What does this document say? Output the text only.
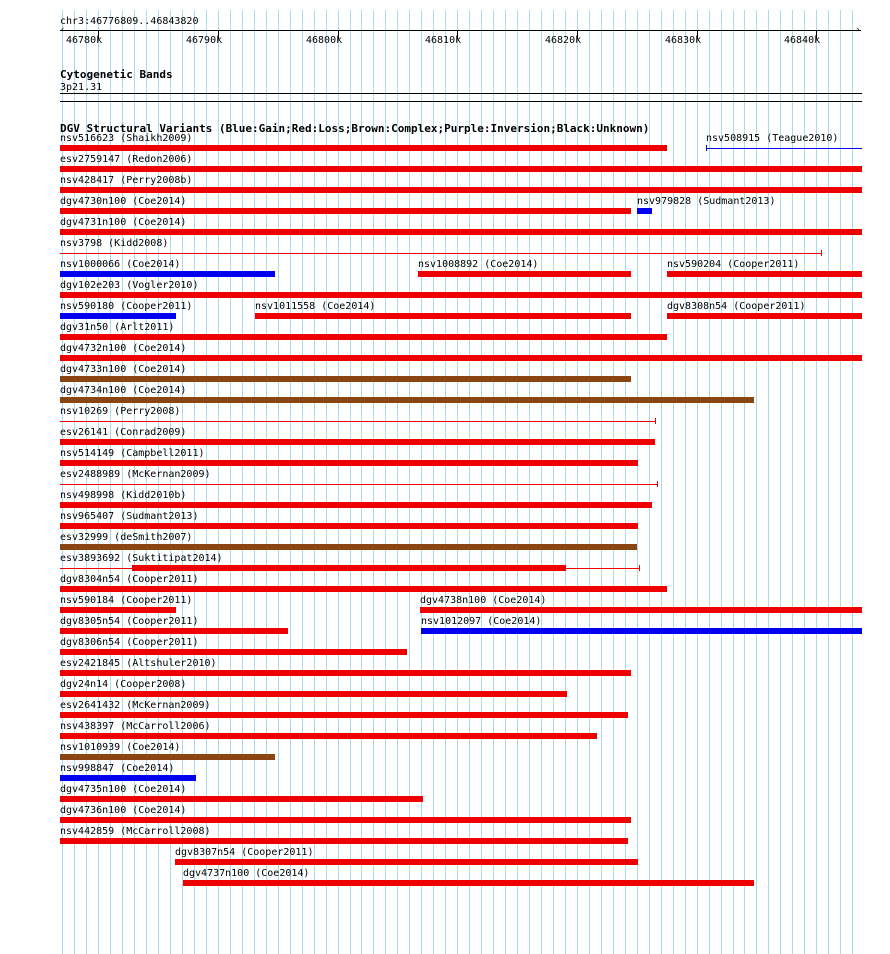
chr3:46776809..46843820
‹	›
46780k	46790k	46800k	46810k	46820k	46830k	46840k
Cytogenetic Bands
3p21.31
DGV Structural Variants (Blue:Gain;Red:Loss;Brown:Complex;Purple:Inversion;Black:Unknown)
nsv516623 (Shaikh2009)	nsv508915 (Teague2010)
esv2759147 (Redon2006)
nsv428417 (Perry2008b)
dgv4730n100 (Coe2014)	nsv979828 (Sudmant2013)
dgv4731n100 (Coe2014)
nsv3798 (Kidd2008)
nsv1000066 (Coe2014)	nsv1008892 (Coe2014)	nsv590204 (Cooper2011)
dgv102e203 (Vogler2010)
nsv590180 (Cooper2011)	nsv1011558 (Coe2014)	dgv8308n54 (Cooper2011)
dgv31n50 (Arlt2011)
dgv4732n100 (Coe2014)
dgv4733n100 (Coe2014)
dgv4734n100 (Coe2014)
nsv10269 (Perry2008)
esv26141 (Conrad2009)
nsv514149 (Campbell2011)
esv2488989 (McKernan2009)
nsv498998 (Kidd2010b)
nsv965407 (Sudmant2013)
esv32999 (deSmith2007)
esv3893692 (Suktitipat2014)
dgv8304n54 (Cooper2011)
nsv590184 (Cooper2011)	dgv4738n100 (Coe2014)
dgv8305n54 (Cooper2011)	nsv1012097 (Coe2014)
dgv8306n54 (Cooper2011)
esv2421845 (Altshuler2010)
dgv24n14 (Cooper2008)
esv2641432 (McKernan2009)
nsv438397 (McCarroll2006)
nsv1010939 (Coe2014)
nsv998847 (Coe2014)
dgv4735n100 (Coe2014)
dgv4736n100 (Coe2014)
nsv442859 (McCarroll2008)
dgv8307n54 (Cooper2011)
dgv4737n100 (Coe2014)
